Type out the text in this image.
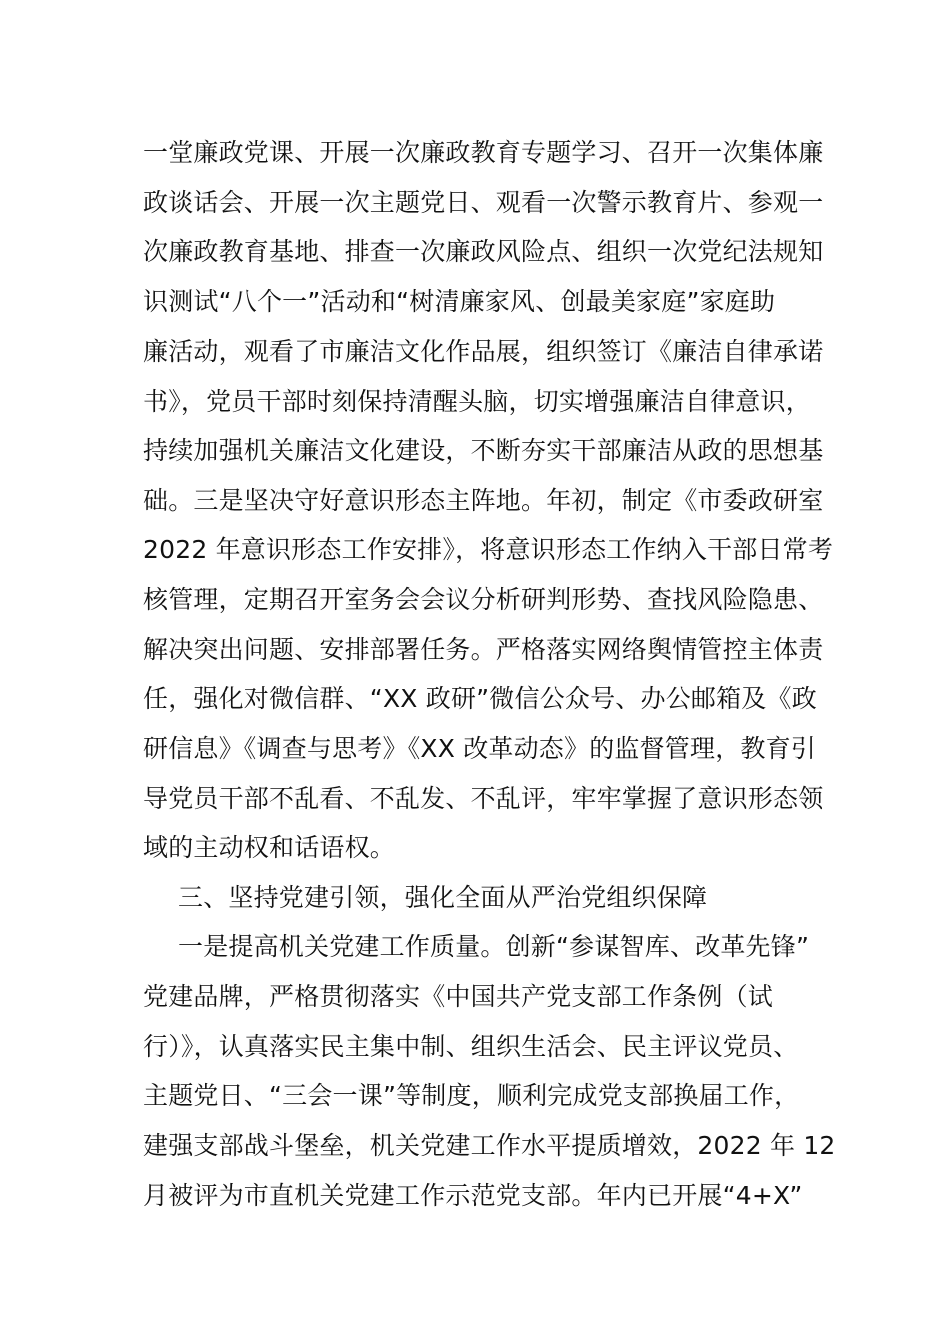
一堂廉政党课、开展一次廉政教育专题学习、召开一次集体廉
政谈话会、开展一次主题党日、观看一次警示教育片、参观一
次廉政教育基地、排查一次廉政风险点、组织一次党纪法规知
识测试“八个一”活动和“树清廉家风、创最美家庭”家庭助
廉活动，观看了市廉洁文化作品展，组织签订《廉洁自律承诺
书》，党员干部时刻保持清醒头脑，切实增强廉洁自律意识，
持续加强机关廉洁文化建设，不断夯实干部廉洁从政的思想基
础。三是坚决守好意识形态主阵地。年初，制定《市委政研室
2022 年意识形态工作安排》，将意识形态工作纳入干部日常考
核管理，定期召开室务会会议分析研判形势、查找风险隐患、
解决突出问题、安排部署任务。严格落实网络舆情管控主体责
任，强化对微信群、“XX 政研”微信公众号、办公邮箱及《政
研信息》《调查与思考》《XX 改革动态》的监督管理，教育引
导党员干部不乱看、不乱发、不乱评，牢牢掌握了意识形态领
域的主动权和话语权。
三、坚持党建引领，强化全面从严治党组织保障
一是提高机关党建工作质量。创新“参谋智库、改革先锋”
党建品牌，严格贯彻落实《中国共产党支部工作条例（试
行）》，认真落实民主集中制、组织生活会、民主评议党员、
主题党日、“三会一课”等制度，顺利完成党支部换届工作，
建强支部战斗堡垒，机关党建工作水平提质增效，2022 年 12
月被评为市直机关党建工作示范党支部。年内已开展“4+X”
